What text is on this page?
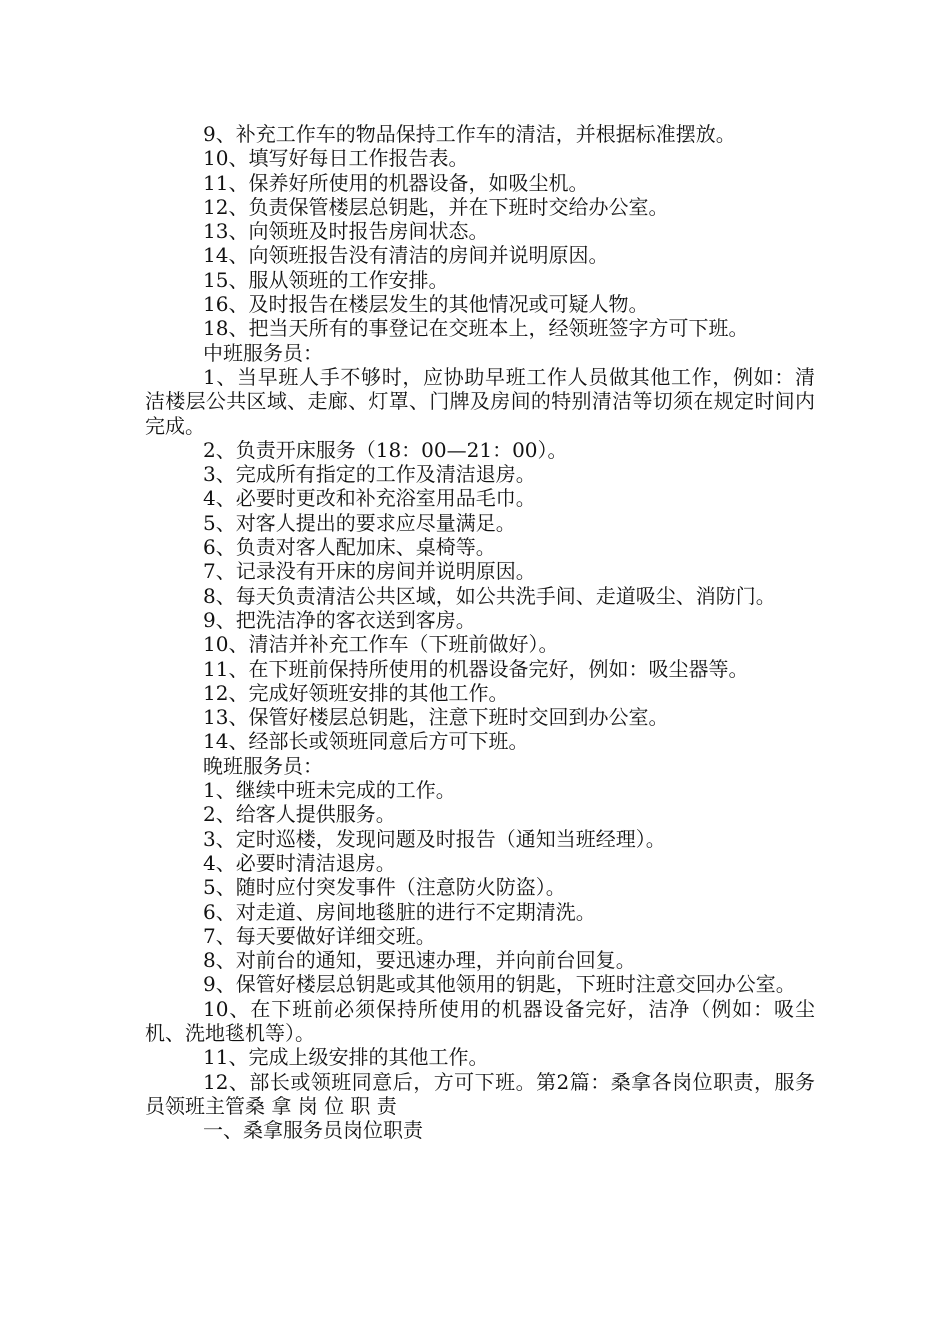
9、补充工作车的物品保持工作车的清洁，并根据标准摆放。

10、填写好每日工作报告表。

11、保养好所使用的机器设备，如吸尘机。

12、负责保管楼层总钥匙，并在下班时交给办公室。

13、向领班及时报告房间状态。

14、向领班报告没有清洁的房间并说明原因。

15、服从领班的工作安排。

16、及时报告在楼层发生的其他情况或可疑人物。

18、把当天所有的事登记在交班本上，经领班签字方可下班。

中班服务员：

1、当早班人手不够时，应协助早班工作人员做其他工作，例如：清洁楼层公共区域、走廊、灯罩、门牌及房间的特别清洁等切须在规定时间内完成。

2、负责开床服务（18：00—21：00）。

3、完成所有指定的工作及清洁退房。

4、必要时更改和补充浴室用品毛巾。

5、对客人提出的要求应尽量满足。

6、负责对客人配加床、桌椅等。

7、记录没有开床的房间并说明原因。

8、每天负责清洁公共区域，如公共洗手间、走道吸尘、消防门。

9、把洗洁净的客衣送到客房。

10、清洁并补充工作车（下班前做好）。

11、在下班前保持所使用的机器设备完好，例如：吸尘器等。

12、完成好领班安排的其他工作。

13、保管好楼层总钥匙，注意下班时交回到办公室。

14、经部长或领班同意后方可下班。

晚班服务员：

1、继续中班未完成的工作。

2、给客人提供服务。

3、定时巡楼，发现问题及时报告（通知当班经理）。

4、必要时清洁退房。

5、随时应付突发事件（注意防火防盗）。

6、对走道、房间地毯脏的进行不定期清洗。

7、每天要做好详细交班。

8、对前台的通知，要迅速办理，并向前台回复。

9、保管好楼层总钥匙或其他领用的钥匙，下班时注意交回办公室。

10、在下班前必须保持所使用的机器设备完好，洁净（例如：吸尘机、洗地毯机等）。

11、完成上级安排的其他工作。

12、部长或领班同意后，方可下班。第2篇：桑拿各岗位职责，服务员领班主管桑 拿 岗 位 职 责

一、桑拿服务员岗位职责
